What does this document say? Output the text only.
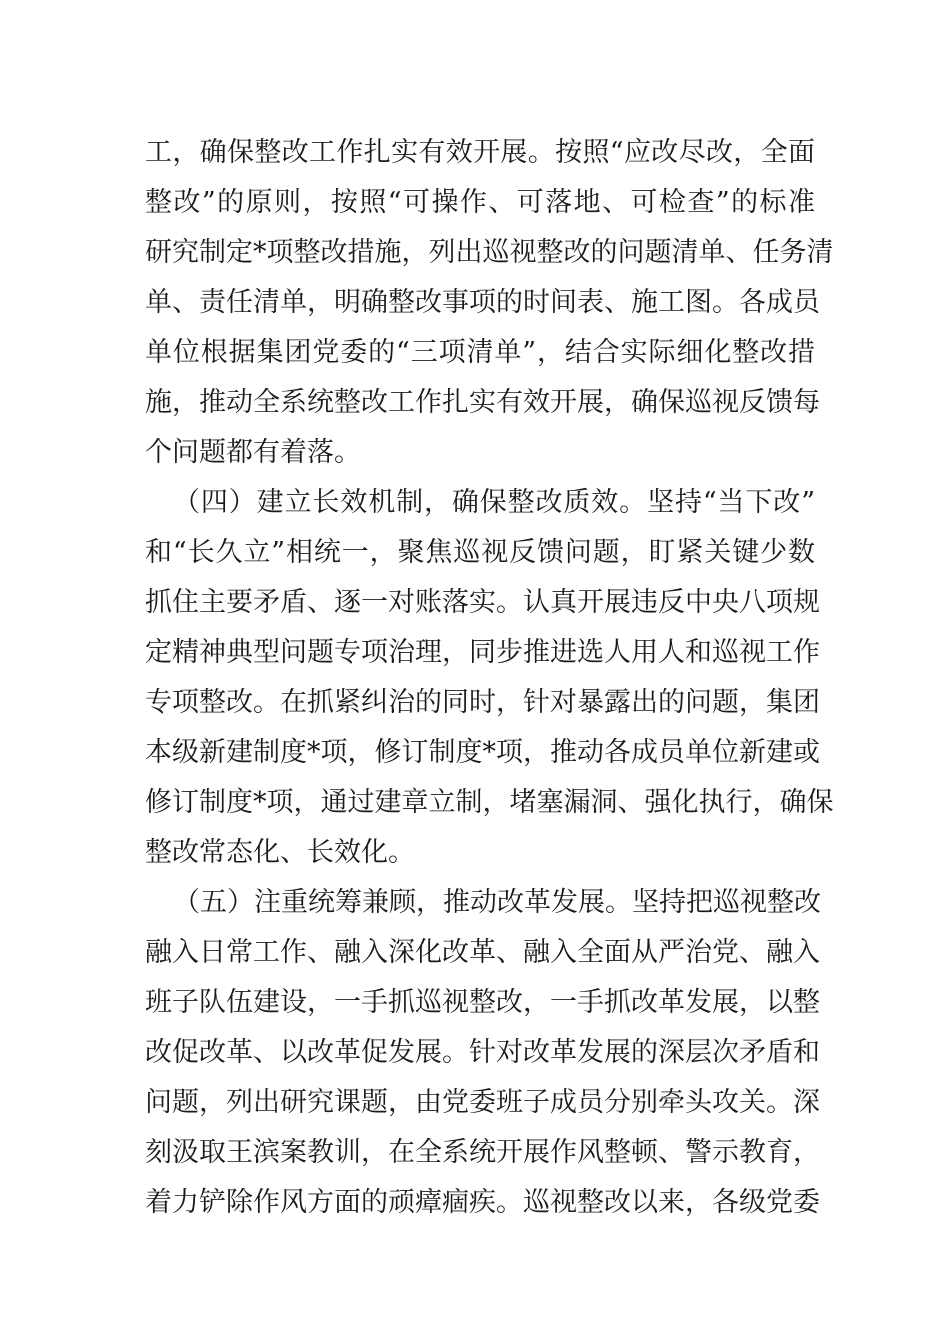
工，确保整改工作扎实有效开展。按照“应改尽改，全面
整改”的原则，按照“可操作、可落地、可检查”的标准
研究制定*项整改措施，列出巡视整改的问题清单、任务清
单、责任清单，明确整改事项的时间表、施工图。各成员
单位根据集团党委的“三项清单”，结合实际细化整改措
施，推动全系统整改工作扎实有效开展，确保巡视反馈每
个问题都有着落。
（四）建立长效机制，确保整改质效。坚持“当下改”
和“长久立”相统一，聚焦巡视反馈问题，盯紧关键少数
抓住主要矛盾、逐一对账落实。认真开展违反中央八项规
定精神典型问题专项治理，同步推进选人用人和巡视工作
专项整改。在抓紧纠治的同时，针对暴露出的问题，集团
本级新建制度*项，修订制度*项，推动各成员单位新建或
修订制度*项，通过建章立制，堵塞漏洞、强化执行，确保
整改常态化、长效化。
（五）注重统筹兼顾，推动改革发展。坚持把巡视整改
融入日常工作、融入深化改革、融入全面从严治党、融入
班子队伍建设，一手抓巡视整改，一手抓改革发展，以整
改促改革、以改革促发展。针对改革发展的深层次矛盾和
问题，列出研究课题，由党委班子成员分别牵头攻关。深
刻汲取王滨案教训，在全系统开展作风整顿、警示教育，
着力铲除作风方面的顽瘴痼疾。巡视整改以来，各级党委
